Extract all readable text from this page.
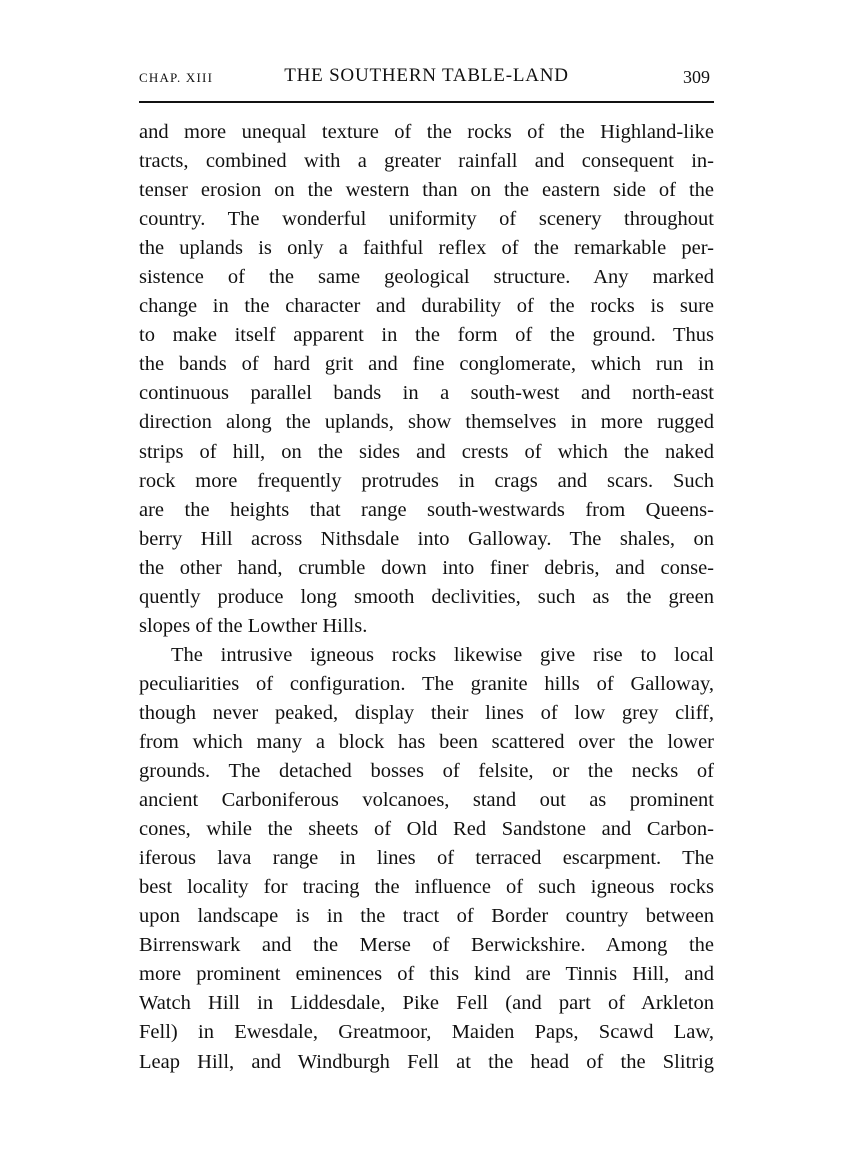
CHAP. XIII	THE SOUTHERN TABLE-LAND	309
and more unequal texture of the rocks of the Highland-like
tracts, combined with a greater rainfall and consequent in-
tenser erosion on the western than on the eastern side of the
country. The wonderful uniformity of scenery throughout
the uplands is only a faithful reflex of the remarkable per-
sistence of the same geological structure. Any marked
change in the character and durability of the rocks is sure
to make itself apparent in the form of the ground. Thus
the bands of hard grit and fine conglomerate, which run in
continuous parallel bands in a south-west and north-east
direction along the uplands, show themselves in more rugged
strips of hill, on the sides and crests of which the naked
rock more frequently protrudes in crags and scars. Such
are the heights that range south-westwards from Queens-
berry Hill across Nithsdale into Galloway. The shales, on
the other hand, crumble down into finer debris, and conse-
quently produce long smooth declivities, such as the green
slopes of the Lowther Hills.
The intrusive igneous rocks likewise give rise to local
peculiarities of configuration. The granite hills of Galloway,
though never peaked, display their lines of low grey cliff,
from which many a block has been scattered over the lower
grounds. The detached bosses of felsite, or the necks of
ancient Carboniferous volcanoes, stand out as prominent
cones, while the sheets of Old Red Sandstone and Carbon-
iferous lava range in lines of terraced escarpment. The
best locality for tracing the influence of such igneous rocks
upon landscape is in the tract of Border country between
Birrenswark and the Merse of Berwickshire. Among the
more prominent eminences of this kind are Tinnis Hill, and
Watch Hill in Liddesdale, Pike Fell (and part of Arkleton
Fell) in Ewesdale, Greatmoor, Maiden Paps, Scawd Law,
Leap Hill, and Windburgh Fell at the head of the Slitrig
